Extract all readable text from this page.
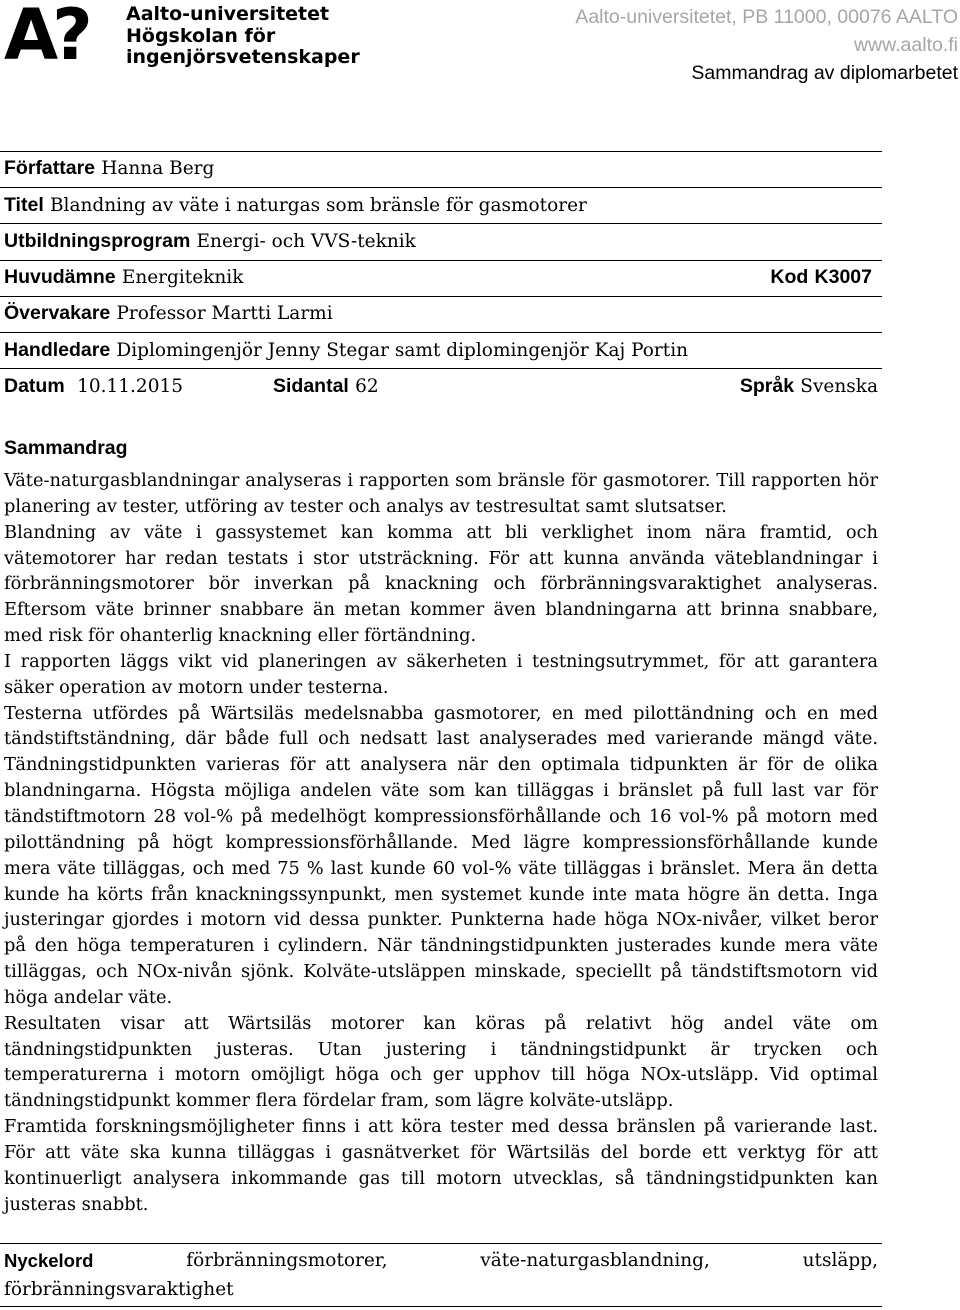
A? Aalto-universitetet
Högskolan för
ingenjörsvetenskaper
Aalto-universitetet, PB 11000, 00076 AALTO
www.aalto.fi
Sammandrag av diplomarbetet
Författare Hanna Berg
Titel Blandning av väte i naturgas som bränsle för gasmotorer
Utbildningsprogram Energi- och VVS-teknik
Huvudämne Energiteknik	Kod K3007
Övervakare Professor Martti Larmi
Handledare Diplomingenjör Jenny Stegar samt diplomingenjör Kaj Portin
Datum 10.11.2015	Sidantal 62	Språk Svenska
Sammandrag

Väte-naturgasblandningar analyseras i rapporten som bränsle för gasmotorer. Till rapporten hör planering av tester, utföring av tester och analys av testresultat samt slutsatser.

Blandning av väte i gassystemet kan komma att bli verklighet inom nära framtid, och vätemotorer har redan testats i stor utsträckning. För att kunna använda väteblandningar i förbränningsmotorer bör inverkan på knackning och förbränningsvaraktighet analyseras. Eftersom väte brinner snabbare än metan kommer även blandningarna att brinna snabbare, med risk för ohanterlig knackning eller förtändning.

I rapporten läggs vikt vid planeringen av säkerheten i testningsutrymmet, för att garantera säker operation av motorn under testerna.

Testerna utfördes på Wärtsiläs medelsnabba gasmotorer, en med pilottändning och en med tändstiftständning, där både full och nedsatt last analyserades med varierande mängd väte. Tändningstidpunkten varieras för att analysera när den optimala tidpunkten är för de olika blandningarna. Högsta möjliga andelen väte som kan tilläggas i bränslet på full last var för tändstiftmotorn 28 vol-% på medelhögt kompressionsförhållande och 16 vol-% på motorn med pilottändning på högt kompressionsförhållande. Med lägre kompressionsförhållande kunde mera väte tilläggas, och med 75 % last kunde 60 vol-% väte tilläggas i bränslet. Mera än detta kunde ha körts från knackningssynpunkt, men systemet kunde inte mata högre än detta. Inga justeringar gjordes i motorn vid dessa punkter. Punkterna hade höga NOx-nivåer, vilket beror på den höga temperaturen i cylindern. När tändningstidpunkten justerades kunde mera väte tilläggas, och NOx-nivån sjönk. Kolväte-utsläppen minskade, speciellt på tändstiftsmotorn vid höga andelar väte.

Resultaten visar att Wärtsiläs motorer kan köras på relativt hög andel väte om tändningstidpunkten justeras. Utan justering i tändningstidpunkt är trycken och temperaturerna i motorn omöjligt höga och ger upphov till höga NOx-utsläpp. Vid optimal tändningstidpunkt kommer flera fördelar fram, som lägre kolväte-utsläpp.

Framtida forskningsmöjligheter finns i att köra tester med dessa bränslen på varierande last. För att väte ska kunna tilläggas i gasnätverket för Wärtsiläs del borde ett verktyg för att kontinuerligt analysera inkommande gas till motorn utvecklas, så tändningstidpunkten kan justeras snabbt.

Nyckelord	förbränningsmotorer,	väte-naturgasblandning,	utsläpp,
förbränningsvaraktighet
